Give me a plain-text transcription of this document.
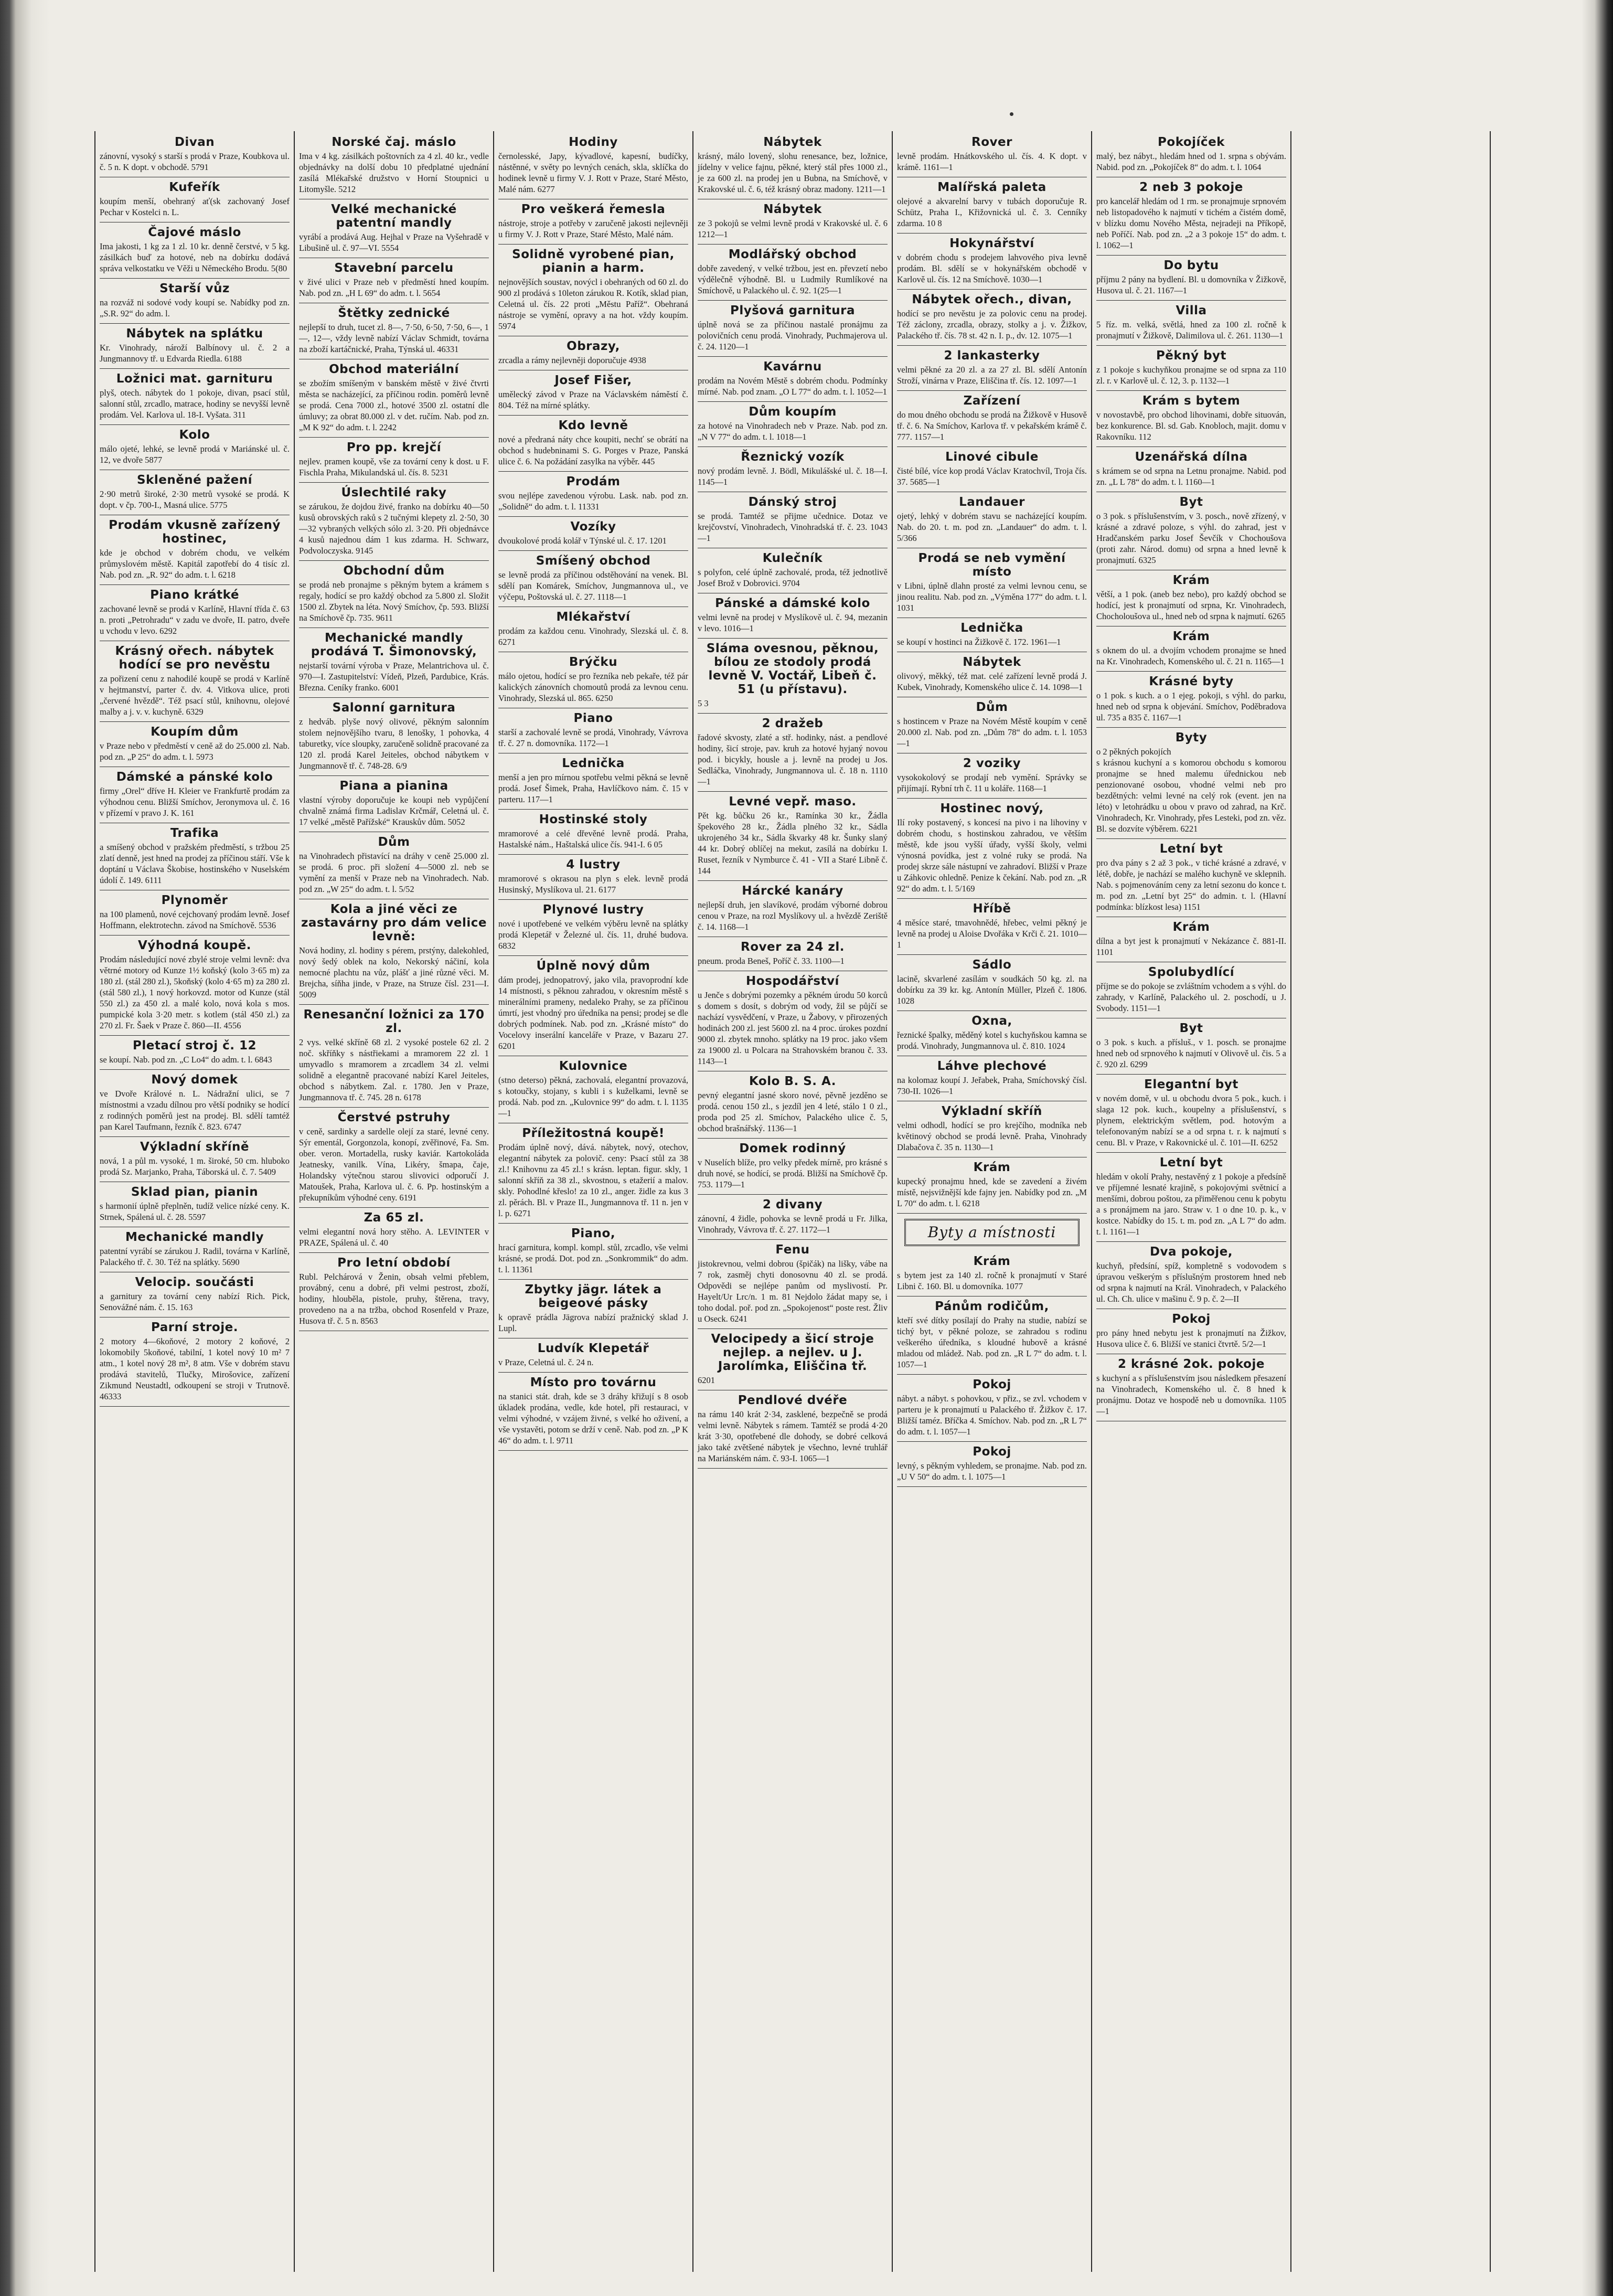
Divan

zánovní, vysoký s starší s prodá v Praze, Koubkova ul. č. 5 n. K dopt. v obchodě. 5791

Kufeřík

koupím menší, obehraný ať(sk zachovaný Josef Pechar v Kostelci n. L.

Čajové máslo

Ima jakosti, 1 kg za 1 zl. 10 kr. denně čerstvé, v 5 kg. zásilkách buď za hotové, neb na dobírku dodává správa velkostatku ve Věži u Německého Brodu. 5(80

Starší vůz

na rozváž ni sodové vody koupí se. Nabídky pod zn. „S.R. 92“ do adm. l.

Nábytek na splátku

Kr. Vinohrady, nároží Balbínovy ul. č. 2 a Jungmannovy tř. u Edvarda Riedla. 6188

Ložnici mat. garnituru

plyš, otech. nábytek do 1 pokoje, divan, psací stůl, salonní stůl, zrcadlo, matrace, hodiny se nevyšší levně prodám. Vel. Karlova ul. 18-I. Vyšata. 311

Kolo

málo ojeté, lehké, se levně prodá v Mariánské ul. č. 12, ve dvoře 5877

Skleněné pažení

2·90 metrů široké, 2·30 metrů vysoké se prodá. K dopt. v čp. 700-I., Masná ulice. 5775

Prodám vkusně zařízený hostinec,

kde je obchod v dobrém chodu, ve velkém průmyslovém městě. Kapitál zapotřebí do 4 tisíc zl. Nab. pod zn. „R. 92“ do adm. t. l. 6218

Piano krátké

zachované levně se prodá v Karlíně, Hlavní třída č. 63 n. proti „Petrohradu“ v zadu ve dvoře, II. patro, dveře u vchodu v levo. 6292

Krásný ořech. nábytek hodící se pro nevěstu

za pořizení cenu z nahodilé koupě se prodá v Karlíně v hejtmanství, parter č. dv. 4. Vitkova ulice, proti „červené hvězdě“. Též psací stůl, knihovnu, olejové malby a j. v. v. kuchyně. 6329

Koupím dům

v Praze nebo v předměstí v ceně až do 25.000 zl. Nab. pod zn. „P 25“ do adm. t. l. 5973

Dámské a pánské kolo

firmy „Orel“ dříve H. Kleier ve Frankfurtě prodám za výhodnou cenu. Bližší Smíchov, Jeronymova ul. č. 16 v přízemí v pravo J. K. 161

Trafika

a smíšený obchod v pražském předměstí, s tržbou 25 zlatí denně, jest hned na prodej za příčinou stáří. Vše k doptání u Václava Škobise, hostinského v Nuselském údolí č. 149. 6111

Plynoměr

na 100 plamenů, nové cejchovaný prodám levně. Josef Hoffmann, elektrotechn. závod na Smíchově. 5536

Výhodná koupě.

Prodám následující nové zbylé stroje velmi levně: dva větrné motory od Kunze 1½ koňský (kolo 3·65 m) za 180 zl. (stál 280 zl.), 5koňský (kolo 4·65 m) za 280 zl. (stál 580 zl.), 1 nový horkovzd. motor od Kunze (stál 550 zl.) za 450 zl. a malé kolo, nová kola s mos. pumpické kola 3·20 metr. s kotlem (stál 450 zl.) za 270 zl. Fr. Šaek v Praze č. 860—II. 4556

Pletací stroj č. 12

se koupí. Nab. pod zn. „C Lo4“ do adm. t. l. 6843

Nový domek

ve Dvoře Králové n. L. Nádražní ulici, se 7 místnostmi a vzadu dílnou pro větší podniky se hodící z rodinných poměrů jest na prodej. Bl. sdělí tamtéž pan Karel Taufmann, řezník č. 823. 6747

Výkladní skříně

nová, 1 a půl m. vysoké, 1 m. široké, 50 cm. hluboko prodá Sz. Marjanko, Praha, Táborská ul. č. 7. 5409

Sklad pian, pianin

s harmonií úplně přeplněn, tudíž velice nízké ceny. K. Strnek, Spálená ul. č. 28. 5597

Mechanické mandly

patentní vyrábí se zárukou J. Radil, továrna v Karlíně, Palackého tř. č. 30. Též na splátky. 5690

Velocip. součásti

a garnitury za tovární ceny nabízí Rich. Pick, Senovážné nám. č. 15. 163

Parní stroje.

2 motory 4—6koňové, 2 motory 2 koňové, 2 lokomobily 5koňové, tabilní, 1 kotel nový 10 m² 7 atm., 1 kotel nový 28 m², 8 atm. Vše v dobrém stavu prodává stavitelů, Tlučky, Mirošovice, zařízení Zikmund Neustadtl, odkoupení se stroji v Trutnově. 46333

Norské čaj. máslo

Ima v 4 kg. zásilkách poštovních za 4 zl. 40 kr., vedle objednávky na dolší dobu 10 předplatné ujednání zasílá Mlékařské družstvo v Horní Stoupnici u Litomyšle. 5212

Velké mechanické patentní mandly

vyrábí a prodává Aug. Hejhal v Praze na Vyšehradě v Libušině ul. č. 97—VI. 5554

Stavební parcelu

v živé ulici v Praze neb v předměstí hned koupím. Nab. pod zn. „H L 69“ do adm. t. l. 5654

Štětky zednické

nejlepší to druh, tucet zl. 8—, 7·50, 6·50, 7·50, 6—, 1—, 12—, vždy levně nabízí Václav Schmidt, továrna na zboží kartáčnické, Praha, Týnská ul. 46331

Obchod materiální

se zbožím smíšeným v banském městě v živé čtvrti města se nacházející, za příčinou rodin. poměrů levně se prodá. Cena 7000 zl., hotové 3500 zl. ostatní dle úmluvy; za obrat 80.000 zl. v det. ručím. Nab. pod zn. „M K 92“ do adm. t. l. 2242

Pro pp. krejčí

nejlev. pramen koupě, vše za tovární ceny k dost. u F. Fischla Praha, Mikulandská ul. čís. 8. 5231

Úslechtilé raky

se zárukou, že dojdou živé, franko na dobírku 40—50 kusů obrovských raků s 2 tučnými klepety zl. 2·50, 30—32 vybraných velkých sólo zl. 3·20. Při objednávce 4 kusů najednou dám 1 kus zdarma. H. Schwarz, Podvoloczyska. 9145

Obchodní dům

se prodá neb pronajme s pěkným bytem a krámem s regaly, hodící se pro každý obchod za 5.800 zl. Složit 1500 zl. Zbytek na léta. Nový Smíchov, čp. 593. Bližší na Smíchově čp. 735. 9611

Mechanické mandly prodává T. Šimonovský,

nejstarší tovární výroba v Praze, Melantrichova ul. č. 970—I. Zastupitelství: Vídeň, Plzeň, Pardubice, Krás. Března. Ceníky franko. 6001

Salonní garnitura

z hedváb. plyše nový olivové, pěkným salonním stolem nejnovějšího tvaru, 8 lenošky, 1 pohovka, 4 taburetky, více sloupky, zaručeně solidně pracované za 120 zl. prodá Karel Jeiteles, obchod nábytkem v Jungmannově tř. č. 748-28. 6/9

Piana a pianina

vlastní výroby doporučuje ke koupi neb vypůjčení chvalně známá firma Ladislav Krčmář, Celetná ul. č. 17 velké „městě Pařížské“ Krauskův dům. 5052

Dům

na Vinohradech přistavící na dráhy v ceně 25.000 zl. se prodá. 6 proc. při složení 4—5000 zl. neb se vymění za menší v Praze neb na Vinohradech. Nab. pod zn. „W 25“ do adm. t. l. 5/52

Kola a jiné věci ze zastavárny pro dám velice levně:

Nová hodiny, zl. hodiny s pérem, prstýny, dalekohled, nový šedý oblek na kolo, Nekorský náčiní, kola nemocné plachtu na vůz, plášť a jiné různé věci. M. Brejcha, síňha jinde, v Praze, na Struze čísl. 231—I. 5009

Renesanční ložnici za 170 zl.

2 vys. velké skříně 68 zl. 2 vysoké postele 62 zl. 2 noč. skříňky s nástřiekami a mramorem 22 zl. 1 umyvadlo s mramorem a zrcadlem 34 zl. velmi solidně a elegantně pracované nabízí Karel Jeiteles, obchod s nábytkem. Zal. r. 1780. Jen v Praze, Jungmannova tř. č. 745. 28 n. 6178

Čerstvé pstruhy

v ceně, sardinky a sardelle olejí za staré, levné ceny. Sýr ementál, Gorgonzola, konopí, zvěřinové, Fa. Sm. ober. veron. Mortadella, rusky kaviár. Kartokoláda Jeatnesky, vanilk. Vína, Likéry, šmapa, čaje, Holandsky výtečnou starou slivovici odporučí J. Matoušek, Praha, Karlova ul. č. 6. Pp. hostinským a překupníkům výhodné ceny. 6191

Za 65 zl.

velmi elegantní nová hory stěho. A. LEVINTER v PRAZE, Spálená ul. č. 40

Pro letní období

Rubl. Pelchárová v Ženin, obsah velmi přeblem, provábný, cenu a dobré, při velmi pestrost, zboží, hodiny, hlouběla, pistole, pruhy, štěrena, travy, provedeno na a na tržba, obchod Rosenfeld v Praze, Husova tř. č. 5 n. 8563

Hodiny

černolesské, Japy, kývadlové, kapesní, budíčky, nástěnné, v světy po levných cenách, skla, sklíčka do hodinek levně u firmy V. J. Rott v Praze, Staré Město, Malé nám. 6277

Pro veškerá řemesla

nástroje, stroje a potřeby v zaručeně jakosti nejlevněji u firmy V. J. Rott v Praze, Staré Město, Malé nám.

Solidně vyrobené pian, pianin a harm.

nejnovějších soustav, novýcl i obehraných od 60 zl. do 900 zl prodává s 10leton zárukou R. Kotík, sklad pian, Celetná ul. čís. 22 proti „Městu Paříž“. Obehraná nástroje se vymění, opravy a na hot. vždy koupím. 5974

Obrazy,

zrcadla a rámy nejlevněji doporučuje 4938

Josef Fišer,

umělecký závod v Praze na Václavském náměstí č. 804. Též na mírné splátky.

Kdo levně

nové a předraná náty chce koupiti, nechť se obrátí na obchod s hudebninami S. G. Porges v Praze, Panská ulice č. 6. Na požádání zasylka na výběr. 445

Prodám

svou nejlépe zavedenou výrobu. Lask. nab. pod zn. „Solidně“ do adm. t. l. 11331

Vozíky

dvoukolové prodá kolář v Týnské ul. č. 17. 1201

Smíšený obchod

se levně prodá za příčinou odstěhování na venek. Bl. sdělí pan Komárek, Smíchov, Jungmannova ul., ve výčepu, Poštovská ul. č. 27. 1118—1

Mlékařství

prodám za každou cenu. Vinohrady, Slezská ul. č. 8. 6271

Brýčku

málo ojetou, hodící se pro řezníka neb pekaře, též pár kalických zánovních chomoutů prodá za levnou cenu. Vinohrady, Slezská ul. 865. 6250

Piano

starší a zachovalé levně se prodá, Vinohrady, Vávrova tř. č. 27 n. domovníka. 1172—1

Lednička

menší a jen pro mírnou spotřebu velmi pěkná se levně prodá. Josef Šimek, Praha, Havlíčkovo nám. č. 15 v parteru. 117—1

Hostinské stoly

mramorové a celé dřevěné levně prodá. Praha, Hastalské nám., Haštalská ulice čís. 941-I. 6 05

4 lustry

mramorové s okrasou na plyn s elek. levně prodá Husinský, Myslíkova ul. 21. 6177

Plynové lustry

nové i upotřebené ve velkém výběru levně na splátky prodá Klepetář v Železné ul. čís. 11, druhé budova. 6832

Úplně nový dům

dám prodej, jednopatrový, jako vila, pravoprodní kde 14 místnosti, s pěknou zahradou, v okresním městě s minerálními prameny, nedaleko Prahy, se za příčinou úmrtí, jest vhodný pro úředníka na pensi; prodej se dle dobrých podmínek. Nab. pod zn. „Krásné místo“ do Vocelovy inserální kanceláře v Praze, v Bazaru 27. 6201

Kulovnice

(stno deterso) pěkná, zachovalá, elegantní provazová, s kotoučky, stojany, s kubli i s kuželkami, levně se prodá. Nab. pod zn. „Kulovnice 99“ do adm. t. l. 1135—1

Příležitostná koupě!

Prodám úplně nový, dává. nábytek, nový, otechov, elegantní nábytek za polovič. ceny: Psací stůl za 38 zl.! Knihovnu za 45 zl.! s krásn. leptan. figur. skly, 1 salonní skříň za 38 zl., skvostnou, s etažerií a malov. skly. Pohodlné křeslo! za 10 zl., anger. židle za kus 3 zl. pěrách. Bl. v Praze II., Jungmannova tř. 11 n. jen v l. p. 6271

Piano,

hrací garnitura, kompl. kompl. stůl, zrcadlo, vše velmi krásné, se prodá. Dot. pod zn. „Sonkrommik“ do adm. t. l. 11361

Zbytky jägr. látek a beigeové pásky

k opravě prádla Jägrova nabízí pražnický sklad J. Lupl.

Ludvík Klepetář

v Praze, Celetná ul. č. 24 n.

Místo pro továrnu

na stanici stát. drah, kde se 3 dráhy křižují s 8 osob úkladek prodána, vedle, kde hotel, při restauraci, v velmi výhodné, v vzájem živné, s velké ho oživení, a vše vystavěti, potom se drží v ceně. Nab. pod zn. „P K 46“ do adm. t. l. 9711

Nábytek

krásný, málo lovený, slohu renesance, bez, ložnice, jídelny v velice fajnu, pěkné, který stál přes 1000 zl., je za 600 zl. na prodej jen u Bubna, na Smíchově, v Krakovské ul. č. 6, též krásný obraz madony. 1211—1

Nábytek

ze 3 pokojů se velmi levně prodá v Krakovské ul. č. 6 1212—1

Modlářský obchod

dobře zavedený, v velké tržbou, jest en. převzetí nebo výdělečně výhodně. Bl. u Ludmily Rumlíkové na Smíchově, u Palackého ul. č. 92. 1(25—1

Plyšová garnitura

úplně nová se za příčinou nastalé pronájmu za polovičních cenu prodá. Vinohrady, Puchmajerova ul. č. 24. 1120—1

Kavárnu

prodám na Novém Městě s dobrém chodu. Podmínky mírné. Nab. pod znam. „O L 77“ do adm. t. l. 1052—1

Dům koupím

za hotové na Vinohradech neb v Praze. Nab. pod zn. „N V 77“ do adm. t. l. 1018—1

Řeznický vozík

nový prodám levně. J. Bödl, Mikulášské ul. č. 18—I. 1145—1

Dánský stroj

se prodá. Tamtéž se přijme učednice. Dotaz ve krejčovství, Vinohradech, Vinohradská tř. č. 23. 1043—1

Kulečník

s polyfon, celé úplně zachovalé, proda, též jednotlivě Josef Brož v Dobrovici. 9704

Pánské a dámské kolo

velmi levně na prodej v Myslíkově ul. č. 94, mezanin v levo. 1016—1

Sláma ovesnou, pěknou, bílou ze stodoly prodá levně V. Voctář, Libeň č. 51 (u přístavu).

5 3

2 dražeb

řadové skvosty, zlaté a stř. hodinky, nást. a pendlové hodiny, šicí stroje, pav. kruh za hotové hyjaný novou pod. i bicykly, housle a j. levně na prodej u Jos. Sedláčka, Vinohrady, Jungmannova ul. č. 18 n. 1110—1

Levné vepř. maso.

Pět kg. bůčku 26 kr., Ramínka 30 kr., Žádla špekového 28 kr., Žádla plného 32 kr., Sádla ukrojeného 34 kr., Sádla škvarky 48 kr. Šunky slaný 44 kr. Dobrý oblíčej na mekut, zasílá na dobírku I. Ruset, řezník v Nymburce č. 41 - VII a Staré Libně č. 144

Hárcké kanáry

nejlepší druh, jen slavíkové, prodám výborné dobrou cenou v Praze, na rozl Myslíkovy ul. a hvězdě Zeriště č. 14. 1168—1

Rover za 24 zl.

pneum. proda Beneš, Poříč č. 33. 1100—1

Hospodářství

u Jenče s dobrými pozemky a pěkném úrodu 50 korců s domem s dosít, s dobrým od vody, žil se půjčí se nachází vysvědčení, v Praze, u Žabovy, v přirozených hodinách 200 zl. jest 5600 zl. na 4 proc. úrokes pozdní 9000 zl. zbytek mnoho. splátky na 19 proc. jako všem za 19000 zl. u Polcara na Strahovském branou č. 33. 1143—1

Kolo B. S. A.

pevný elegantní jasné skoro nové, pěvně jezděno se prodá. cenou 150 zl., s jezdíl jen 4 leté, stálo 1 0 zl., proda pod 25 zl. Smíchov, Palackého ulice č. 5, obchod brašnářský. 1136—1

Domek rodinný

v Nuselích blíže, pro velky předek mírně, pro krásné s druh nové, se hodící, se prodá. Bližší na Smíchově čp. 753. 1179—1

2 divany

zánovní, 4 židle, pohovka se levně prodá u Fr. Jilka, Vinohrady, Vávrova tř. č. 27. 1172—1

Fenu

jistokrevnou, velmi dobrou (špičák) na lišky, vábe na 7 rok, zasměj chyti donosovnu 40 zl. se prodá. Odpovědi se nejlépe panům od myslivostí. Pr. Hayelt/Ur Lrc/n. 1 m. 81 Nejdolo žádat mapy se, i toho dodal. poř. pod zn. „Spokojenost“ poste rest. Žliv u Oseck. 6241

Velocipedy a šicí stroje nejlep. a nejlev. u J. Jarolímka, Eliščina tř.

6201

Pendlové dvéře

na rámu 140 krát 2·34, zasklené, bezpečně se prodá velmi levně. Nábytek s rámem. Tamtéž se prodá 4·20 krát 3·30, opotřebené dle dohody, se dobré celková jako také zvětšené nábytek je všechno, levné truhlář na Mariánském nám. č. 93-I. 1065—1

Rover

levně prodám. Hnátkovského ul. čís. 4. K dopt. v krámě. 1161—1

Malířská paleta

olejové a akvarelní barvy v tubách doporučuje R. Schütz, Praha I., Křižovnická ul. č. 3. Cenníky zdarma. 10 8

Hokynářství

v dobrém chodu s prodejem lahvového piva levně prodám. Bl. sdělí se v hokynářském obchodě v Karlově ul. čís. 12 na Smíchově. 1030—1

Nábytek ořech., divan,

hodící se pro nevěstu je za polovic cenu na prodej. Též záclony, zrcadla, obrazy, stolky a j. v. Žižkov, Palackého tř. čís. 78 st. 42 n. I. p., dv. 12. 1075—1

2 lankasterky

velmi pěkné za 20 zl. a za 27 zl. Bl. sdělí Antonín Stroží, vinárna v Praze, Eliščina tř. čís. 12. 1097—1

Zařízení

do mou dného obchodu se prodá na Žižkově v Husově tř. č. 6. Na Smíchov, Karlova tř. v pekařském krámě č. 777. 1157—1

Linové cibule

čisté bílé, více kop prodá Václav Kratochvíl, Troja čís. 37. 5685—1

Landauer

ojetý, lehký v dobrém stavu se nacházející koupím. Nab. do 20. t. m. pod zn. „Landauer“ do adm. t. l. 5/366

Prodá se neb vymění místo

v Libni, úplně dlahn prosté za velmi levnou cenu, se jinou realitu. Nab. pod zn. „Výměna 177“ do adm. t. l. 1031

Lednička

se koupí v hostinci na Žižkově č. 172. 1961—1

Nábytek

olivový, měkký, též mat. celé zařízení levně prodá J. Kubek, Vinohrady, Komenského ulice č. 14. 1098—1

Dům

s hostincem v Praze na Novém Městě koupím v ceně 20.000 zl. Nab. pod zn. „Dům 78“ do adm. t. l. 1053—1

2 voziky

vysokokolový se prodají neb vymění. Správky se přijímají. Rybní trh č. 11 u koláře. 1168—1

Hostinec nový,

Ilí roky postavený, s koncesí na pivo i na lihoviny v dobrém chodu, s hostinskou zahradou, ve větším městě, kde jsou vyšší úřady, vyšší školy, velmi výnosná povídka, jest z volné ruky se prodá. Na prodej skrze sále nástupní ve zahradoví. Bližší v Praze u Záhkovic ohledně. Penize k čekání. Nab. pod zn. „R 92“ do adm. t. l. 5/169

Hříbě

4 měsíce staré, tmavohnědé, hřebec, velmi pěkný je levně na prodej u Aloise Dvořáka v Krči č. 21. 1010—1

Sádlo

lacině, skvarlené zasílám v soudkách 50 kg. zl. na dobírku za 39 kr. kg. Antonín Müller, Plzeň č. 1806. 1028

Oxna,

řeznické špalky, měděný kotel s kuchyňskou kamna se prodá. Vinohrady, Jungmannova ul. č. 810. 1024

Láhve plechové

na kolomaz koupí J. Jeřabek, Praha, Smíchovský čísl. 730-II. 1026—1

Výkladní skříň

velmi odhodl, hodící se pro krejčího, modníka neb květinový obchod se prodá levně. Praha, Vinohrady Dlabačova č. 35 n. 1130—1

Krám

kupecký pronajmu hned, kde se zavedení a živém místě, nejsvižnější kde fajny jen. Nabídky pod zn. „M L 70“ do adm. t. l. 6218

Byty a místnosti
Krám

s bytem jest za 140 zl. ročně k pronajmutí v Staré Libni č. 160. Bl. u domovníka. 1077

Pánům rodičům,

kteří své dítky posílají do Prahy na studie, nabízí se tichý byt, v pěkné poloze, se zahradou s rodinu veškerého úředníka, s kloudné hubově a krásné mladou od mládež. Nab. pod zn. „R L 7“ do adm. t. l. 1057—1

Pokoj

nábyt. a nábyt. s pohovkou, v přiz., se zvl. vchodem v parteru je k pronajmutí u Palackého tř. Žižkov č. 17. Bližší taméz. Bříčka 4. Smíchov. Nab. pod zn. „R L 7“ do adm. t. l. 1057—1

Pokoj

levný, s pěkným vyhledem, se pronajme. Nab. pod zn. „U V 50“ do adm. t. l. 1075—1

Pokojíček

malý, bez nábyt., hledám hned od 1. srpna s obývám. Nabid. pod zn. „Pokojíček 8“ do adm. t. l. 1064

2 neb 3 pokoje

pro kancelář hledám od 1 rm. se pronajmuje srpnovém neb listopadového k najmutí v tichém a čistém domě, v blízku domu Nového Města, nejradeji na Příkopě, neb Poříčí. Nab. pod zn. „2 a 3 pokoje 15“ do adm. t. l. 1062—1

Do bytu

příjmu 2 pány na bydlení. Bl. u domovníka v Žižkově, Husova ul. č. 21. 1167—1

Villa

5 říz. m. velká, světlá, hned za 100 zl. ročně k pronajmutí v Žižkově, Dalimilova ul. č. 261. 1130—1

Pěkný byt

z 1 pokoje s kuchyňkou pronajme se od srpna za 110 zl. r. v Karlově ul. č. 12, 3. p. 1132—1

Krám s bytem

v novostavbě, pro obchod lihovinami, dobře situován, bez konkurence. Bl. sd. Gab. Knobloch, majit. domu v Rakovníku. 112

Uzenářská dílna

s krámem se od srpna na Letnu pronajme. Nabid. pod zn. „L L 78“ do adm. t. l. 1160—1

Byt

o 3 pok. s příslušenstvím, v 3. posch., nově zřízený, v krásné a zdravé poloze, s výhl. do zahrad, jest v Hradčanském parku Josef Ševčík v Chochoušova (proti zahr. Národ. domu) od srpna a hned levně k pronajmutí. 6325

Krám

větší, a 1 pok. (aneb bez nebo), pro každý obchod se hodící, jest k pronajmutí od srpna, Kr. Vinohradech, Chocholoušova ul., hned neb od srpna k najmutí. 6265

Krám

s oknem do ul. a dvojím vchodem pronajme se hned na Kr. Vinohradech, Komenského ul. č. 21 n. 1165—1

Krásné byty

o 1 pok. s kuch. a o 1 ejeg. pokoji, s výhl. do parku, hned neb od srpna k objevání. Smíchov, Poděbradova ul. 735 a 835 č. 1167—1

Byty

o 2 pěkných pokojích

s krásnou kuchyní a s komorou obchodu s komorou pronajme se hned malemu úřednickou neb penzionované osobou, vhodné velmi neb pro bezdětných: velmi levné na celý rok (event. jen na léto) v letohrádku u obou v pravo od zahrad, na Krč. Vinohradech, Kr. Vinohrady, přes Lesteki, pod zn. věz. Bl. se dozvíte výběrem. 6221

Letní byt

pro dva pány s 2 až 3 pok., v tiché krásné a zdravé, v létě, dobře, je nachází se malého kuchyně ve sklepnih. Nab. s pojmenováním ceny za letní sezonu do konce t. m. pod zn. „Letní byt 25“ do admin. t. l. (Hlavní podmínka: blízkost lesa) 1151

Krám

dílna a byt jest k pronajmutí v Nekázance č. 881-II. 1101

Spolubydlící

příjme se do pokoje se zvláštním vchodem a s výhl. do zahrady, v Karlíně, Palackého ul. 2. poschodí, u J. Svobody. 1151—1

Byt

o 3 pok. s kuch. a přísluš., v 1. posch. se pronajme hned neb od srpnového k najmutí v Olivově ul. čis. 5 a č. 920 zl. 6299

Elegantní byt

v novém domě, v ul. u obchodu dvora 5 pok., kuch. i slaga 12 pok. kuch., koupelny a příslušenství, s plynem, elektrickým světlem, pod. hotovým a telefonovaným nabízí se a od srpna t. r. k najmutí s cenu. Bl. v Praze, v Rakovnické ul. č. 101—II. 6252

Letní byt

hledám v okolí Prahy, nestavěný z 1 pokoje a předsíně ve příjemné lesnaté krajině, s pokojovými světnicí a menšími, dobrou poštou, za přiměřenou cenu k pobytu a s pronájmem na jaro. Straw v. 1 o dne 10. p. k., v kostce. Nabídky do 15. t. m. pod zn. „A L 7“ do adm. t. l. 1161—1

Dva pokoje,

kuchyň, předsíní, spíž, kompletně s vodovodem s úpravou veškerým s příslušným prostorem hned neb od srpna k najmutí na Král. Vinohradech, v Palackého ul. Ch. Ch. ulice v mašinu č. 9 p. č. 2—II

Pokoj

pro pány hned nebytu jest k pronajmutí na Žižkov, Husova ulice č. 6. Bližší ve stanici čtvrtě. 5/2—1

2 krásné 2ok. pokoje

s kuchyní a s příslušenstvím jsou následkem přesazení na Vinohradech, Komenského ul. č. 8 hned k pronájmu. Dotaz ve hospodě neb u domovníka. 1105—1
